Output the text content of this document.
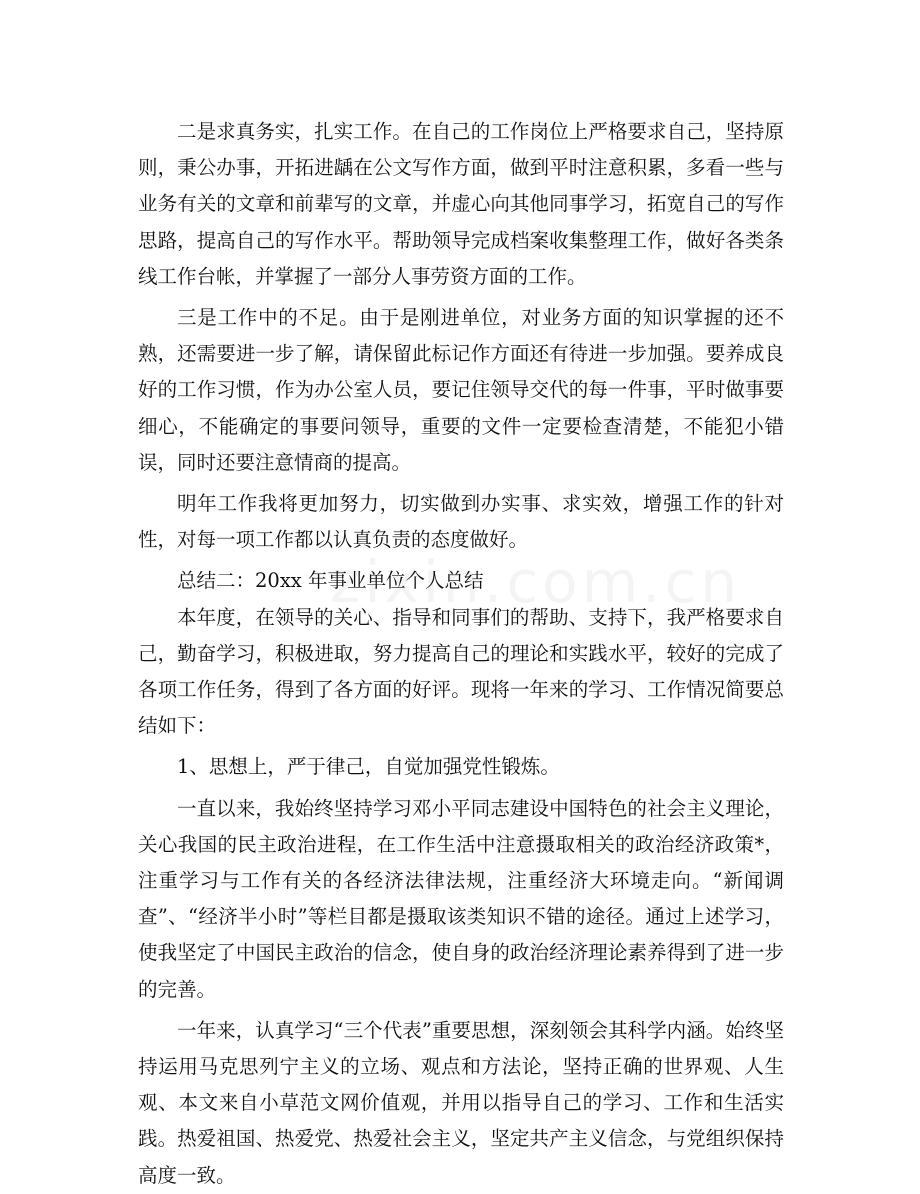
二是求真务实，扎实工作。在自己的工作岗位上严格要求自己，坚持原则，秉公办事，开拓进龋在公文写作方面，做到平时注意积累，多看一些与业务有关的文章和前辈写的文章，并虚心向其他同事学习，拓宽自己的写作思路，提高自己的写作水平。帮助领导完成档案收集整理工作，做好各类条线工作台帐，并掌握了一部分人事劳资方面的工作。

三是工作中的不足。由于是刚进单位，对业务方面的知识掌握的还不熟，还需要进一步了解，请保留此标记作方面还有待进一步加强。要养成良好的工作习惯，作为办公室人员，要记住领导交代的每一件事，平时做事要细心，不能确定的事要问领导，重要的文件一定要检查清楚，不能犯小错误，同时还要注意情商的提高。

明年工作我将更加努力，切实做到办实事、求实效，增强工作的针对性，对每一项工作都以认真负责的态度做好。

总结二：20xx 年事业单位个人总结

本年度，在领导的关心、指导和同事们的帮助、支持下，我严格要求自己，勤奋学习，积极进取，努力提高自己的理论和实践水平，较好的完成了各项工作任务，得到了各方面的好评。现将一年来的学习、工作情况简要总结如下：

1、思想上，严于律己，自觉加强党性锻炼。

一直以来，我始终坚持学习邓小平同志建设中国特色的社会主义理论，关心我国的民主政治进程，在工作生活中注意摄取相关的政治经济政策*，注重学习与工作有关的各经济法律法规，注重经济大环境走向。“新闻调查”、“经济半小时”等栏目都是摄取该类知识不错的途径。通过上述学习，使我坚定了中国民主政治的信念，使自身的政治经济理论素养得到了进一步的完善。

一年来，认真学习“三个代表”重要思想，深刻领会其科学内涵。始终坚持运用马克思列宁主义的立场、观点和方法论，坚持正确的世界观、人生观、本文来自小草范文网价值观，并用以指导自己的学习、工作和生活实践。热爱祖国、热爱党、热爱社会主义，坚定共产主义信念，与党组织保持高度一致。
